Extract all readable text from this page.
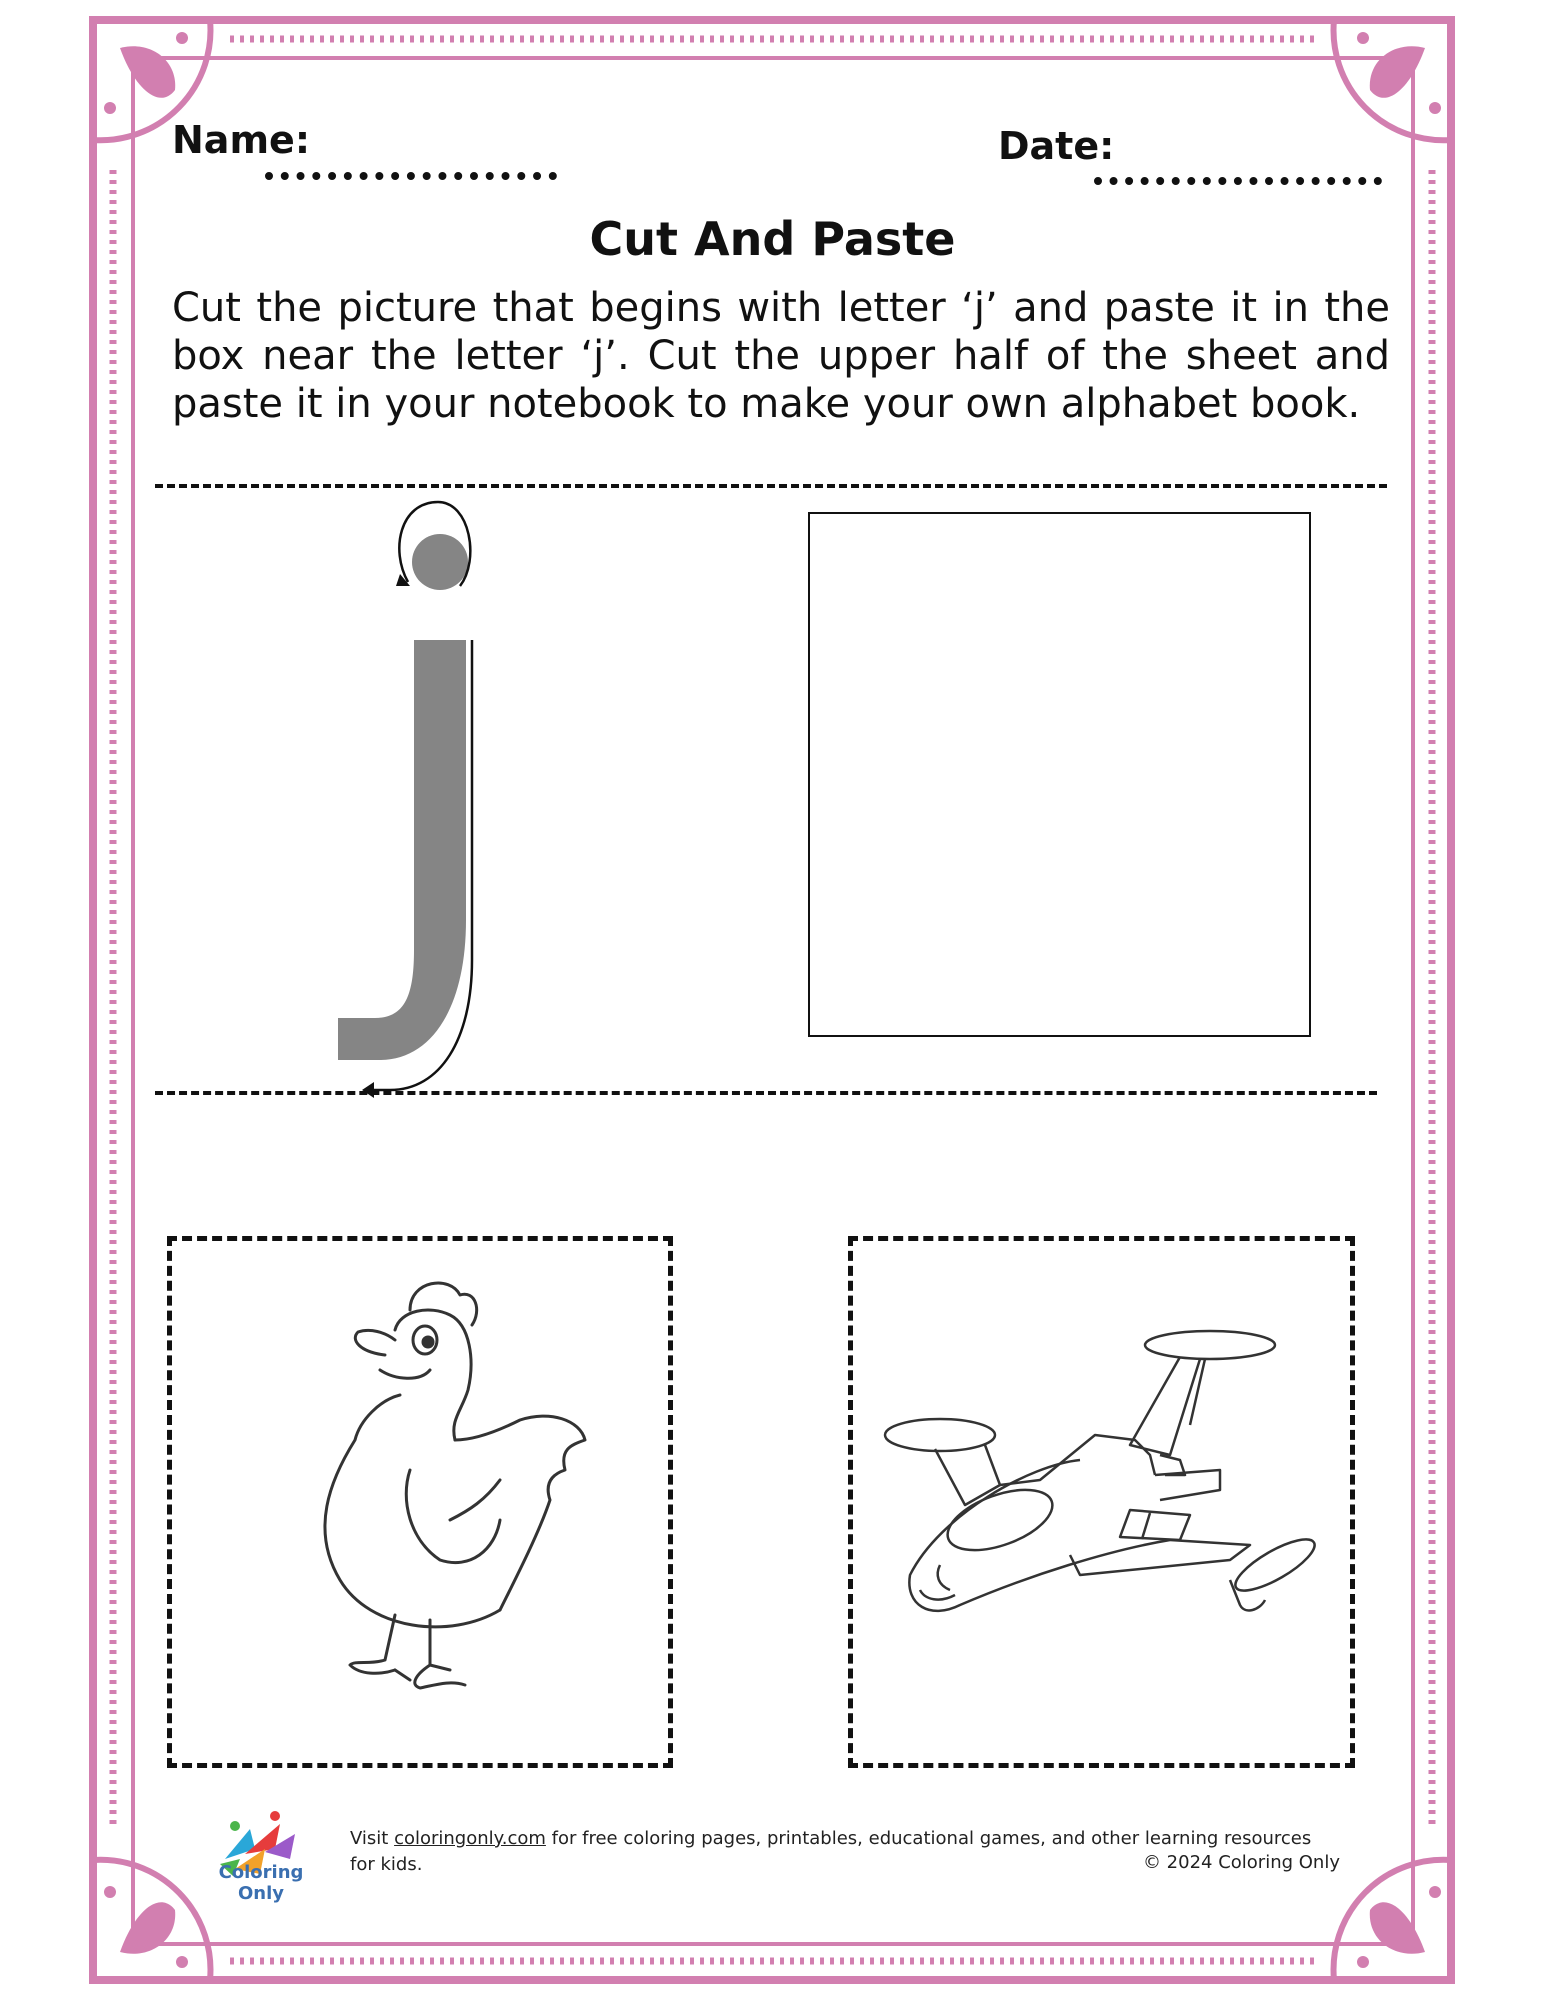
Name:	Date:
Cut And Paste
Cut the picture that begins with letter ‘j’ and paste it in the box near the letter ‘j’. Cut the upper half of the sheet and paste it in your notebook to make your own alphabet book.
Coloring Only
Visit coloringonly.com for free coloring pages, printables, educational games, and other learning resources for kids.	© 2024 Coloring Only
